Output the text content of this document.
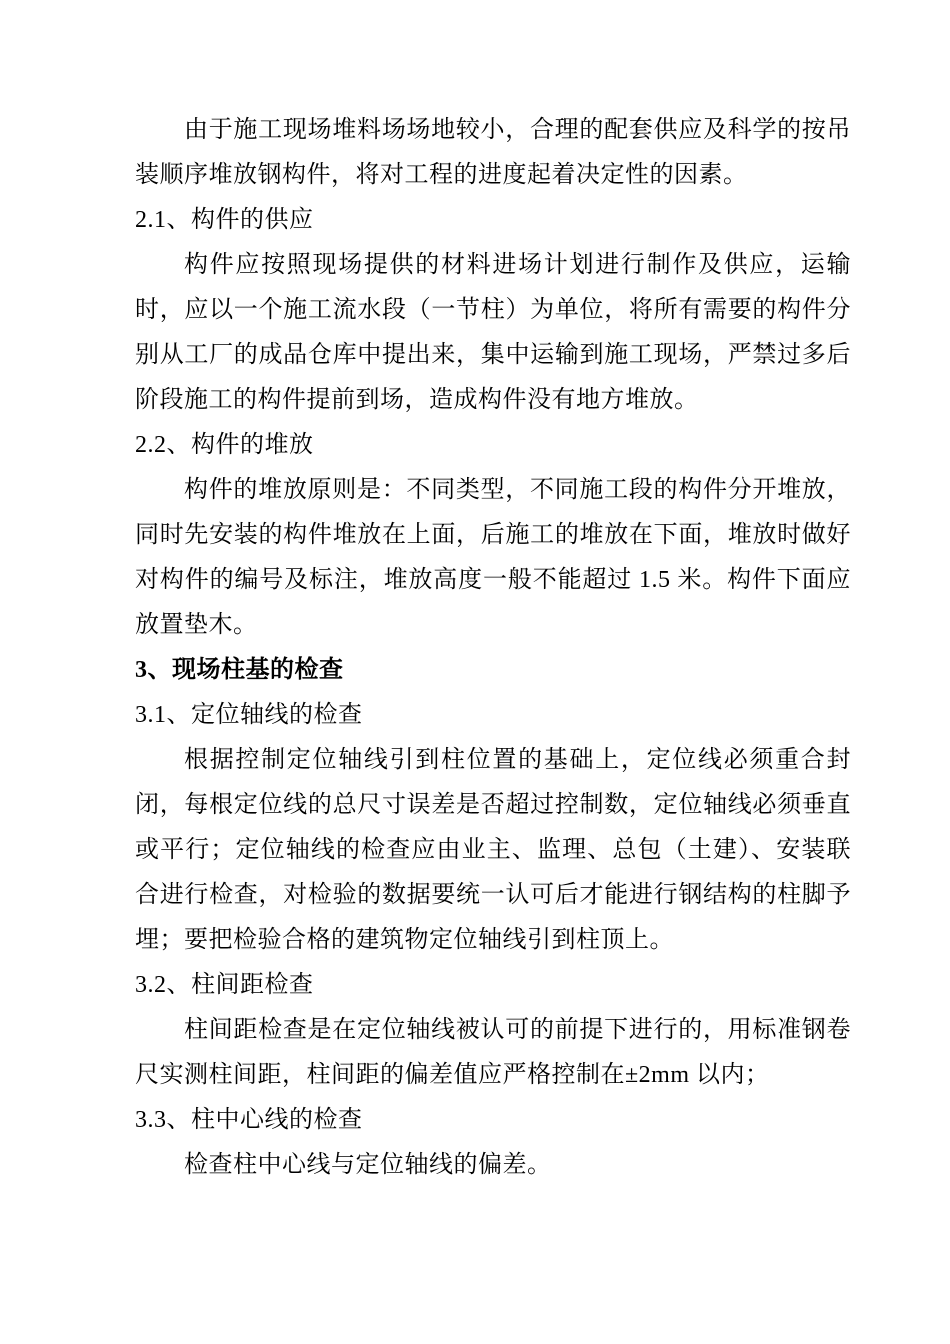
由于施工现场堆料场场地较小，合理的配套供应及科学的按吊装顺序堆放钢构件，将对工程的进度起着决定性的因素。

2.1、构件的供应

构件应按照现场提供的材料进场计划进行制作及供应，运输时，应以一个施工流水段（一节柱）为单位，将所有需要的构件分别从工厂的成品仓库中提出来，集中运输到施工现场，严禁过多后阶段施工的构件提前到场，造成构件没有地方堆放。

2.2、构件的堆放

构件的堆放原则是：不同类型，不同施工段的构件分开堆放，同时先安装的构件堆放在上面，后施工的堆放在下面，堆放时做好对构件的编号及标注，堆放高度一般不能超过 1.5 米。构件下面应放置垫木。

3、现场柱基的检查

3.1、定位轴线的检查

根据控制定位轴线引到柱位置的基础上，定位线必须重合封闭，每根定位线的总尺寸误差是否超过控制数，定位轴线必须垂直或平行；定位轴线的检查应由业主、监理、总包（土建）、安装联合进行检查，对检验的数据要统一认可后才能进行钢结构的柱脚予埋；要把检验合格的建筑物定位轴线引到柱顶上。

3.2、柱间距检查

柱间距检查是在定位轴线被认可的前提下进行的，用标准钢卷尺实测柱间距，柱间距的偏差值应严格控制在±2mm 以内；

3.3、柱中心线的检查

检查柱中心线与定位轴线的偏差。
